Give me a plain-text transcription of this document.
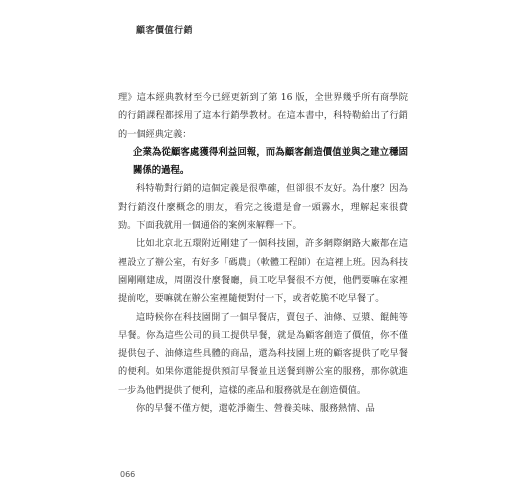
顧客價值行銷

理》這本經典教材至今已經更新到了第 16 版，全世界幾乎所有商學院的行銷課程都採用了這本行銷學教材。在這本書中，科特勒給出了行銷的一個經典定義：

企業為從顧客處獲得利益回報，而為顧客創造價值並與之建立穩固關係的過程。

科特勒對行銷的這個定義是很準確，但卻很不友好。為什麼？因為對行銷沒什麼概念的朋友，看完之後還是會一頭霧水，理解起來很費勁。下面我就用一個通俗的案例來解釋一下。

比如北京北五環附近剛建了一個科技園，許多網際網路大廠都在這裡設立了辦公室，有好多「碼農」（軟體工程師）在這裡上班。因為科技園剛剛建成，周圍沒什麼餐廳，員工吃早餐很不方便，他們要嘛在家裡提前吃，要嘛就在辦公室裡隨便對付一下，或者乾脆不吃早餐了。

這時候你在科技園開了一個早餐店，賣包子、油條、豆漿、餛飩等早餐。你為這些公司的員工提供早餐，就是為顧客創造了價值，你不僅提供包子、油條這些具體的商品，還為科技園上班的顧客提供了吃早餐的便利。如果你還能提供預訂早餐並且送餐到辦公室的服務，那你就進一步為他們提供了便利，這樣的產品和服務就是在創造價值。

你的早餐不僅方便，還乾淨衛生、營養美味、服務熱情、品

066
